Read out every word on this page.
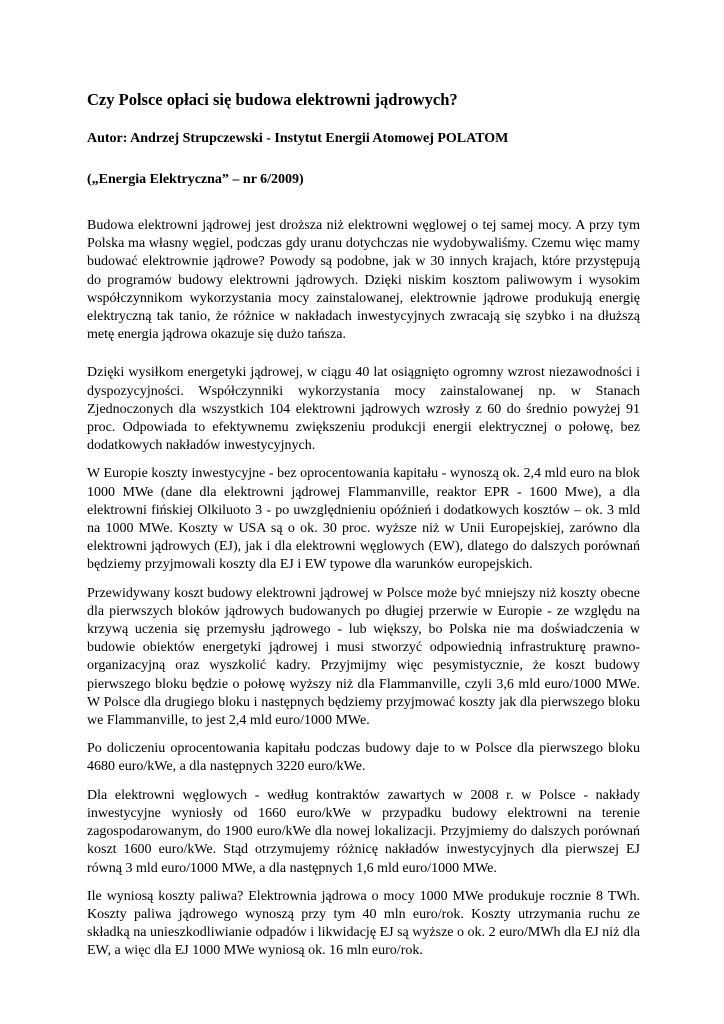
Czy Polsce opłaci się budowa elektrowni jądrowych?
Autor: Andrzej Strupczewski - Instytut Energii Atomowej POLATOM
(„Energia Elektryczna” – nr 6/2009)

Budowa elektrowni jądrowej jest droższa niż elektrowni węglowej o tej samej mocy. A przy tym Polska ma własny węgiel, podczas gdy uranu dotychczas nie wydobywaliśmy. Czemu więc mamy budować elektrownie jądrowe? Powody są podobne, jak w 30 innych krajach, które przystępują do programów budowy elektrowni jądrowych. Dzięki niskim kosztom paliwowym i wysokim współczynnikom wykorzystania mocy zainstalowanej, elektrownie jądrowe produkują energię elektryczną tak tanio, że różnice w nakładach inwestycyjnych zwracają się szybko i na dłuższą metę energia jądrowa okazuje się dużo tańsza.

Dzięki wysiłkom energetyki jądrowej, w ciągu 40 lat osiągnięto ogromny wzrost niezawodności i dyspozycyjności. Współczynniki wykorzystania mocy zainstalowanej np. w Stanach Zjednoczonych dla wszystkich 104 elektrowni jądrowych wzrosły z 60 do średnio powyżej 91 proc. Odpowiada to efektywnemu zwiększeniu produkcji energii elektrycznej o połowę, bez dodatkowych nakładów inwestycyjnych.

W Europie koszty inwestycyjne - bez oprocentowania kapitału - wynoszą ok. 2,4 mld euro na blok 1000 MWe (dane dla elektrowni jądrowej Flammanville, reaktor EPR - 1600 Mwe), a dla elektrowni fińskiej Olkiluoto 3 - po uwzględnieniu opóźnień i dodatkowych kosztów – ok. 3 mld na 1000 MWe. Koszty w USA są o ok. 30 proc. wyższe niż w Unii Europejskiej, zarówno dla elektrowni jądrowych (EJ), jak i dla elektrowni węglowych (EW), dlatego do dalszych porównań będziemy przyjmowali koszty dla EJ i EW typowe dla warunków europejskich.

Przewidywany koszt budowy elektrowni jądrowej w Polsce może być mniejszy niż koszty obecne dla pierwszych bloków jądrowych budowanych po długiej przerwie w Europie - ze względu na krzywą uczenia się przemysłu jądrowego - lub większy, bo Polska nie ma doświadczenia w budowie obiektów energetyki jądrowej i musi stworzyć odpowiednią infrastrukturę prawno-organizacyjną oraz wyszkolić kadry. Przyjmijmy więc pesymistycznie, że koszt budowy pierwszego bloku będzie o połowę wyższy niż dla Flammanville, czyli 3,6 mld euro/1000 MWe. W Polsce dla drugiego bloku i następnych będziemy przyjmować koszty jak dla pierwszego bloku we Flammanville, to jest 2,4 mld euro/1000 MWe.

Po doliczeniu oprocentowania kapitału podczas budowy daje to w Polsce dla pierwszego bloku 4680 euro/kWe, a dla następnych 3220 euro/kWe.

Dla elektrowni węglowych - według kontraktów zawartych w 2008 r. w Polsce - nakłady inwestycyjne wyniosły od 1660 euro/kWe w przypadku budowy elektrowni na terenie zagospodarowanym, do 1900 euro/kWe dla nowej lokalizacji. Przyjmiemy do dalszych porównań koszt 1600 euro/kWe. Stąd otrzymujemy różnicę nakładów inwestycyjnych dla pierwszej EJ równą 3 mld euro/1000 MWe, a dla następnych 1,6 mld euro/1000 MWe.

Ile wyniosą koszty paliwa? Elektrownia jądrowa o mocy 1000 MWe produkuje rocznie 8 TWh. Koszty paliwa jądrowego wynoszą przy tym 40 mln euro/rok. Koszty utrzymania ruchu ze składką na unieszkodliwianie odpadów i likwidację EJ są wyższe o ok. 2 euro/MWh dla EJ niż dla EW, a więc dla EJ 1000 MWe wyniosą ok. 16 mln euro/rok.
